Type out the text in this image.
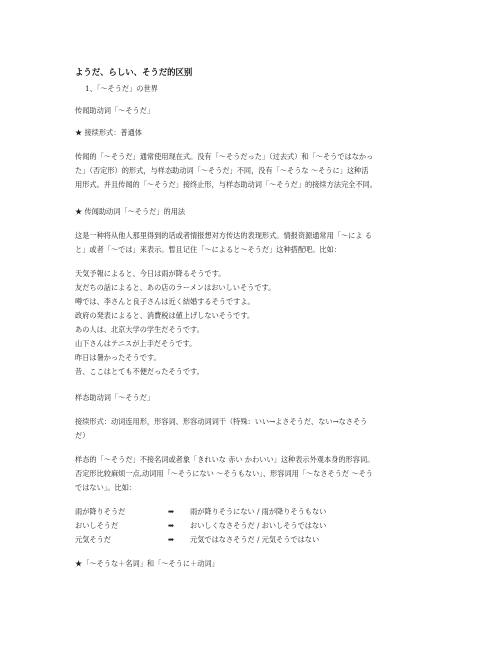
ようだ、らしい、そうだ的区别
1、「～そうだ」の世界
传闻助动词「～そうだ」
★ 接续形式：普通体
传闻的「～そうだ」通常使用现在式。没有「～そうだった」（过去式）和「～そうではなかっ
た」（否定形）的形式，与样态助动词「～そうだ」不同，没有「～そうな ～そうに」这种活
用形式。并且传闻的「～そうだ」接终止形，与样态助动词「～そうだ」的接续方法完全不同。
★ 传闻助动词「～そうだ」的用法
这是一种将从他人那里得到的话或者情报想对方传达的表现形式。情报资源通常用「～によ る
と」或者「～では」来表示。暂且记住「～によると～そうだ」这种搭配吧。比如：
天気予報によると、今日は雨が降るそうです。
友だちの話によると、あの店のラーメンはおいしいそうです。
噂では、李さんと良子さんは近く結婚するそうですよ。
政府の発表によると、消費税は値上げしないそうです。
あの人は、北京大学の学生だそうです。
山下さんはテニスが上手だそうです。
昨日は暑かったそうです。
昔、ここはとても不便だったそうです。
样态助动词「～そうだ」
接续形式：动词连用形，形容词、形容动词词干（特殊：いい→よさそうだ、ない→なさそう
だ）
样态的「～そうだ」不接名词或者象「きれいな 赤い かわいい」这种表示外观本身的形容词。
否定形比较麻烦一点,动词用「～そうにない ～そうもない」、形容词用「～なさそうだ ～そう
ではない」。比如：
雨が降りそうだ	➡ 雨が降りそうにない / 雨が降りそうもない
おいしそうだ	➡ おいしくなさそうだ / おいしそうではない
元気そうだ	➡ 元気ではなさそうだ / 元気そうではない
★「～そうな＋名词」和「～そうに＋动词」
